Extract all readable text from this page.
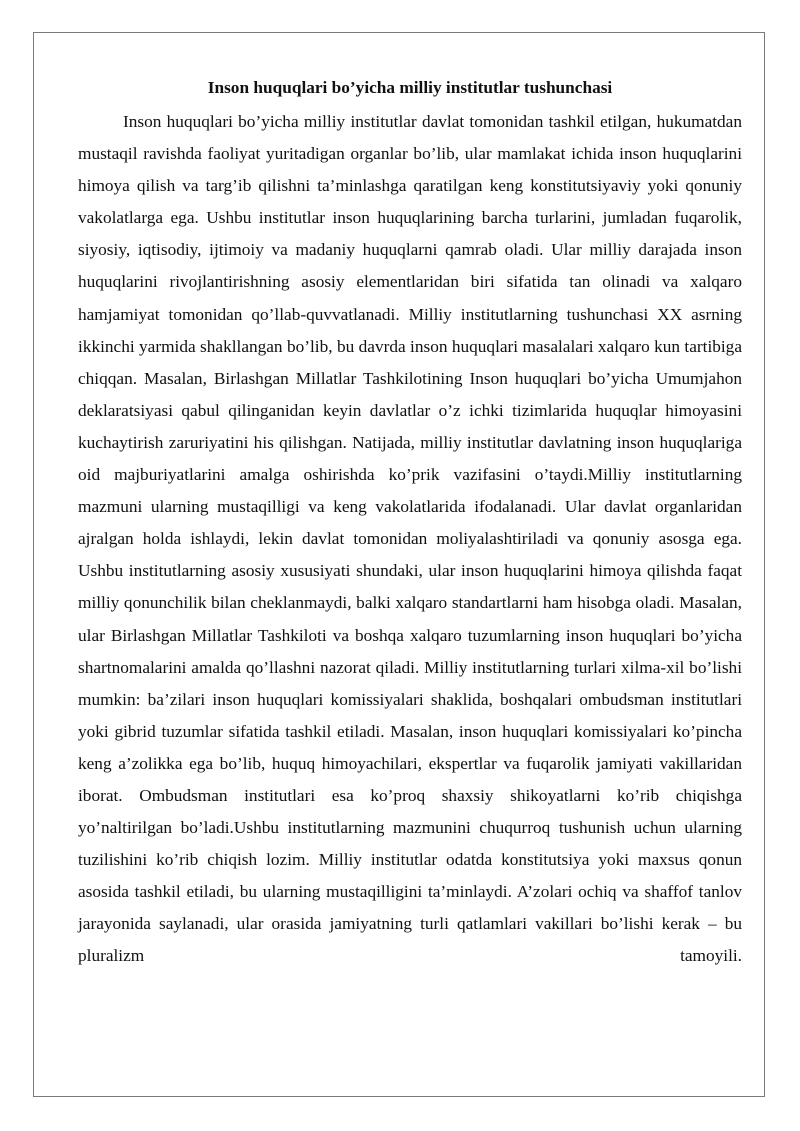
Inson huquqlari bo’yicha milliy institutlar tushunchasi

Inson huquqlari bo’yicha milliy institutlar davlat tomonidan tashkil etilgan, hukumatdan mustaqil ravishda faoliyat yuritadigan organlar bo’lib, ular mamlakat ichida inson huquqlarini himoya qilish va targ’ib qilishni ta’minlashga qaratilgan keng konstitutsiyaviy yoki qonuniy vakolatlarga ega. Ushbu institutlar inson huquqlarining barcha turlarini, jumladan fuqarolik, siyosiy, iqtisodiy, ijtimoiy va madaniy huquqlarni qamrab oladi. Ular milliy darajada inson huquqlarini rivojlantirishning asosiy elementlaridan biri sifatida tan olinadi va xalqaro hamjamiyat tomonidan qo’llab-quvvatlanadi. Milliy institutlarning tushunchasi XX asrning ikkinchi yarmida shakllangan bo’lib, bu davrda inson huquqlari masalalari xalqaro kun tartibiga chiqqan. Masalan, Birlashgan Millatlar Tashkilotining Inson huquqlari bo’yicha Umumjahon deklaratsiyasi qabul qilinganidan keyin davlatlar o’z ichki tizimlarida huquqlar himoyasini kuchaytirish zaruriyatini his qilishgan. Natijada, milliy institutlar davlatning inson huquqlariga oid majburiyatlarini amalga oshirishda ko’prik vazifasini o’taydi.Milliy institutlarning mazmuni ularning mustaqilligi va keng vakolatlarida ifodalanadi. Ular davlat organlaridan ajralgan holda ishlaydi, lekin davlat tomonidan moliyalashtiriladi va qonuniy asosga ega. Ushbu institutlarning asosiy xususiyati shundaki, ular inson huquqlarini himoya qilishda faqat milliy qonunchilik bilan cheklanmaydi, balki xalqaro standartlarni ham hisobga oladi. Masalan, ular Birlashgan Millatlar Tashkiloti va boshqa xalqaro tuzumlarning inson huquqlari bo’yicha shartnomalarini amalda qo’llashni nazorat qiladi. Milliy institutlarning turlari xilma-xil bo’lishi mumkin: ba’zilari inson huquqlari komissiyalari shaklida, boshqalari ombudsman institutlari yoki gibrid tuzumlar sifatida tashkil etiladi. Masalan, inson huquqlari komissiyalari ko’pincha keng a’zolikka ega bo’lib, huquq himoyachilari, ekspertlar va fuqarolik jamiyati vakillaridan iborat. Ombudsman institutlari esa ko’proq shaxsiy shikoyatlarni ko’rib chiqishga yo’naltirilgan bo’ladi.Ushbu institutlarning mazmunini chuqurroq tushunish uchun ularning tuzilishini ko’rib chiqish lozim. Milliy institutlar odatda konstitutsiya yoki maxsus qonun asosida tashkil etiladi, bu ularning mustaqilligini ta’minlaydi. A’zolari ochiq va shaffof tanlov jarayonida saylanadi, ular orasida jamiyatning turli qatlamlari vakillari bo’lishi kerak – bu pluralizm tamoyili.
